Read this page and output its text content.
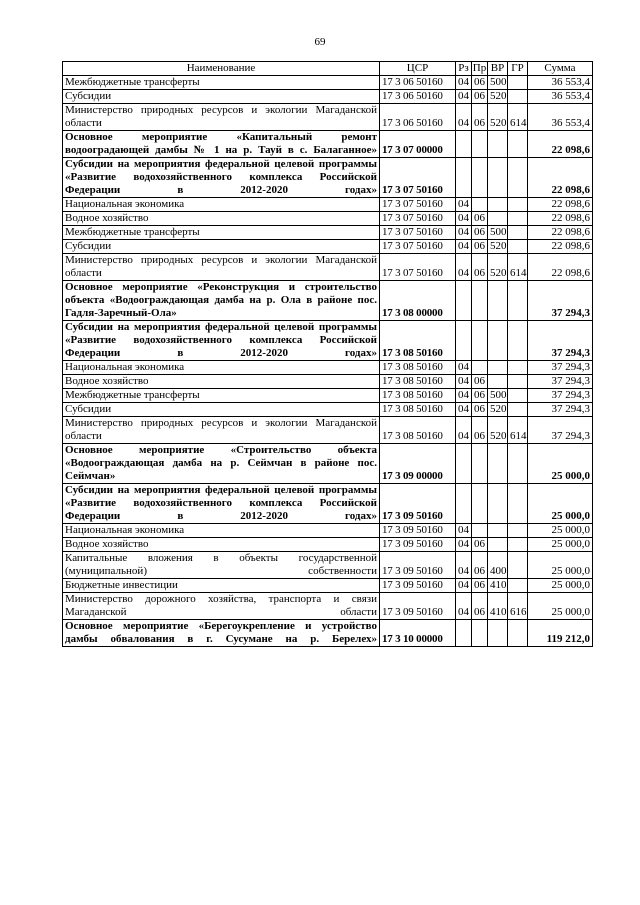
69
Наименование	ЦСР	Рз	Пр	ВР	ГР	Сумма
Межбюджетные трансферты	17 3 06 50160	04	06	500		36 553,4
Субсидии	17 3 06 50160	04	06	520		36 553,4
Министерство природных ресурсов и экологии Магаданской области	17 3 06 50160	04	06	520	614	36 553,4
Основное мероприятие «Капитальный ремонт водооградающей дамбы № 1 на р. Тауй в с. Балаганное»	17 3 07 00000					22 098,6
Субсидии на мероприятия федеральной целевой программы «Развитие водохозяйственного комплекса Российской Федерации в 2012-2020 годах»	17 3 07 50160					22 098,6
Национальная экономика	17 3 07 50160	04				22 098,6
Водное хозяйство	17 3 07 50160	04	06			22 098,6
Межбюджетные трансферты	17 3 07 50160	04	06	500		22 098,6
Субсидии	17 3 07 50160	04	06	520		22 098,6
Министерство природных ресурсов и экологии Магаданской области	17 3 07 50160	04	06	520	614	22 098,6
Основное мероприятие «Реконструкция и строительство объекта «Водоограждающая дамба на р. Ола в районе пос. Гадля-Заречный-Ола»	17 3 08 00000					37 294,3
Субсидии на мероприятия федеральной целевой программы «Развитие водохозяйственного комплекса Российской Федерации в 2012-2020 годах»	17 3 08 50160					37 294,3
Национальная экономика	17 3 08 50160	04				37 294,3
Водное хозяйство	17 3 08 50160	04	06			37 294,3
Межбюджетные трансферты	17 3 08 50160	04	06	500		37 294,3
Субсидии	17 3 08 50160	04	06	520		37 294,3
Министерство природных ресурсов и экологии Магаданской области	17 3 08 50160	04	06	520	614	37 294,3
Основное мероприятие «Строительство объекта «Водоограждающая дамба на р. Сеймчан в районе пос. Сеймчан»	17 3 09 00000					25 000,0
Субсидии на мероприятия федеральной целевой программы «Развитие водохозяйственного комплекса Российской Федерации в 2012-2020 годах»	17 3 09 50160					25 000,0
Национальная экономика	17 3 09 50160	04				25 000,0
Водное хозяйство	17 3 09 50160	04	06			25 000,0
Капитальные вложения в объекты государственной (муниципальной) собственности	17 3 09 50160	04	06	400		25 000,0
Бюджетные инвестиции	17 3 09 50160	04	06	410		25 000,0
Министерство дорожного хозяйства, транспорта и связи Магаданской области	17 3 09 50160	04	06	410	616	25 000,0
Основное мероприятие «Берегоукрепление и устройство дамбы обвалования в г. Сусумане на р. Берелех»	17 3 10 00000					119 212,0
